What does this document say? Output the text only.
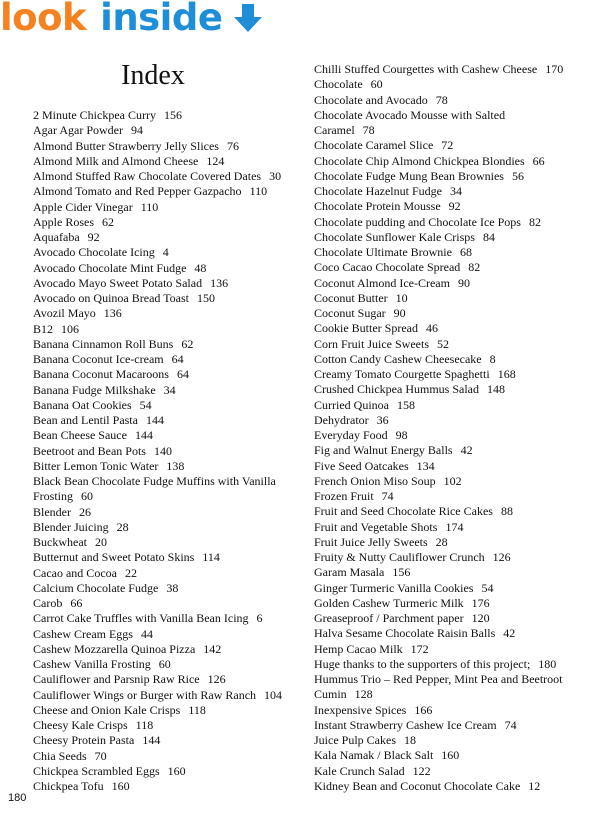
look inside
Index
2 Minute Chickpea Curry 156
Agar Agar Powder 94
Almond Butter Strawberry Jelly Slices 76
Almond Milk and Almond Cheese 124
Almond Stuffed Raw Chocolate Covered Dates 30
Almond Tomato and Red Pepper Gazpacho 110
Apple Cider Vinegar 110
Apple Roses 62
Aquafaba 92
Avocado Chocolate Icing 4
Avocado Chocolate Mint Fudge 48
Avocado Mayo Sweet Potato Salad 136
Avocado on Quinoa Bread Toast 150
Avozil Mayo 136
B12 106
Banana Cinnamon Roll Buns 62
Banana Coconut Ice-cream 64
Banana Coconut Macaroons 64
Banana Fudge Milkshake 34
Banana Oat Cookies 54
Bean and Lentil Pasta 144
Bean Cheese Sauce 144
Beetroot and Bean Pots 140
Bitter Lemon Tonic Water 138
Black Bean Chocolate Fudge Muffins with Vanilla
Frosting 60
Blender 26
Blender Juicing 28
Buckwheat 20
Butternut and Sweet Potato Skins 114
Cacao and Cocoa 22
Calcium Chocolate Fudge 38
Carob 66
Carrot Cake Truffles with Vanilla Bean Icing 6
Cashew Cream Eggs 44
Cashew Mozzarella Quinoa Pizza 142
Cashew Vanilla Frosting 60
Cauliflower and Parsnip Raw Rice 126
Cauliflower Wings or Burger with Raw Ranch 104
Cheese and Onion Kale Crisps 118
Cheesy Kale Crisps 118
Cheesy Protein Pasta 144
Chia Seeds 70
Chickpea Scrambled Eggs 160
Chickpea Tofu 160
Chilli Stuffed Courgettes with Cashew Cheese 170
Chocolate 60
Chocolate and Avocado 78
Chocolate Avocado Mousse with Salted
Caramel 78
Chocolate Caramel Slice 72
Chocolate Chip Almond Chickpea Blondies 66
Chocolate Fudge Mung Bean Brownies 56
Chocolate Hazelnut Fudge 34
Chocolate Protein Mousse 92
Chocolate pudding and Chocolate Ice Pops 82
Chocolate Sunflower Kale Crisps 84
Chocolate Ultimate Brownie 68
Coco Cacao Chocolate Spread 82
Coconut Almond Ice-Cream 90
Coconut Butter 10
Coconut Sugar 90
Cookie Butter Spread 46
Corn Fruit Juice Sweets 52
Cotton Candy Cashew Cheesecake 8
Creamy Tomato Courgette Spaghetti 168
Crushed Chickpea Hummus Salad 148
Curried Quinoa 158
Dehydrator 36
Everyday Food 98
Fig and Walnut Energy Balls 42
Five Seed Oatcakes 134
French Onion Miso Soup 102
Frozen Fruit 74
Fruit and Seed Chocolate Rice Cakes 88
Fruit and Vegetable Shots 174
Fruit Juice Jelly Sweets 28
Fruity & Nutty Cauliflower Crunch 126
Garam Masala 156
Ginger Turmeric Vanilla Cookies 54
Golden Cashew Turmeric Milk 176
Greaseproof / Parchment paper 120
Halva Sesame Chocolate Raisin Balls 42
Hemp Cacao Milk 172
Huge thanks to the supporters of this project; 180
Hummus Trio – Red Pepper, Mint Pea and Beetroot
Cumin 128
Inexpensive Spices 166
Instant Strawberry Cashew Ice Cream 74
Juice Pulp Cakes 18
Kala Namak / Black Salt 160
Kale Crunch Salad 122
Kidney Bean and Coconut Chocolate Cake 12
180
